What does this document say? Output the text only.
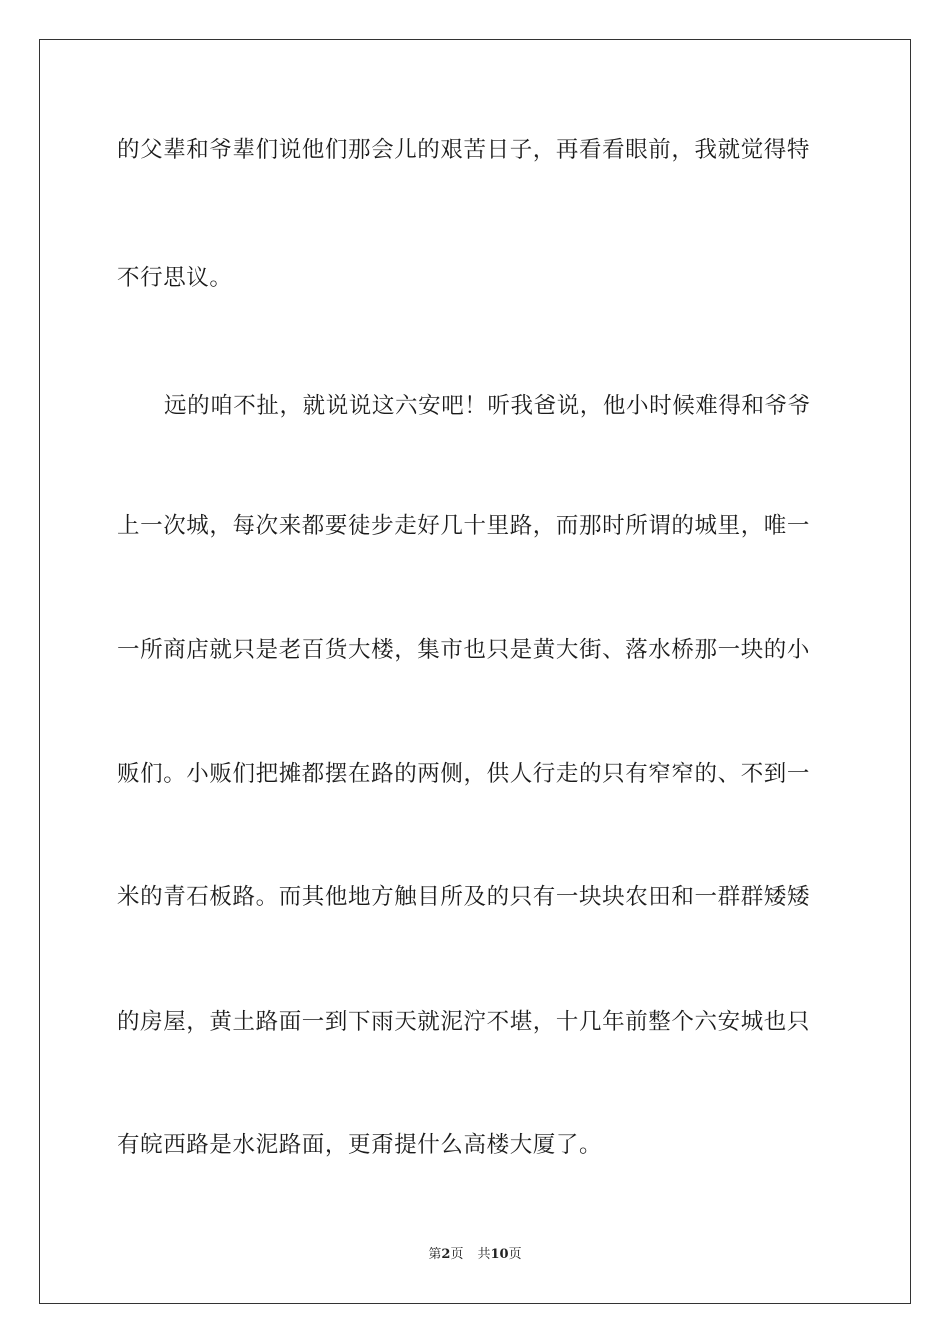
的父辈和爷辈们说他们那会儿的艰苦日子，再看看眼前，我就觉得特
不行思议。
远的咱不扯，就说说这六安吧！听我爸说，他小时候难得和爷爷
上一次城，每次来都要徒步走好几十里路，而那时所谓的城里，唯一
一所商店就只是老百货大楼，集市也只是黄大街、落水桥那一块的小
贩们。小贩们把摊都摆在路的两侧，供人行走的只有窄窄的、不到一
米的青石板路。而其他地方触目所及的只有一块块农田和一群群矮矮
的房屋，黄土路面一到下雨天就泥泞不堪，十几年前整个六安城也只
有皖西路是水泥路面，更甭提什么高楼大厦了。
第2页 共10页
